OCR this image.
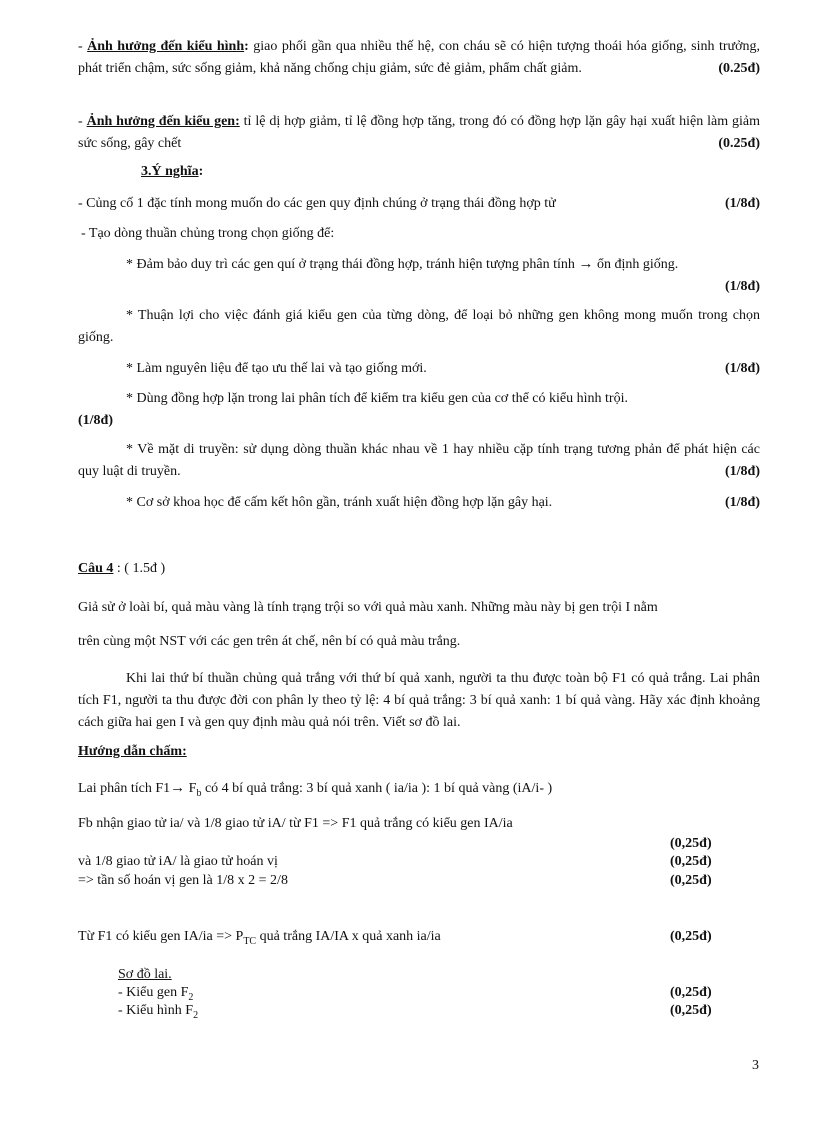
- Ảnh hưởng đến kiểu hình: giao phối gần qua nhiều thế hệ, con cháu sẽ có hiện tượng thoái hóa giống, sinh trưởng, phát triển chậm, sức sống giảm, khả năng chống chịu giảm, sức đẻ giảm, phẩm chất giảm.	(0.25đ)
- Ảnh hưởng đến kiểu gen: tỉ lệ dị hợp giảm, tỉ lệ đồng hợp tăng, trong đó có đồng hợp lặn gây hại xuất hiện làm giảm sức sống, gây chết	(0.25đ)
3.Ý nghĩa:
- Củng cố 1 đặc tính mong muốn do các gen quy định chúng ở trạng thái đồng hợp tử	(1/8đ)
- Tạo dòng thuần chủng trong chọn giống để:
* Đảm bảo duy trì các gen quí ở trạng thái đồng hợp, tránh hiện tượng phân tính → ổn định giống.
(1/8đ)
* Thuận lợi cho việc đánh giá kiểu gen của từng dòng, để loại bỏ những gen không mong muốn trong chọn giống.
* Làm nguyên liệu để tạo ưu thế lai và tạo giống mới.	(1/8đ)
* Dùng đồng hợp lặn trong lai phân tích để kiểm tra kiểu gen của cơ thể có kiểu hình trội.
(1/8đ)
* Về mặt di truyền: sử dụng dòng thuần khác nhau về 1 hay nhiều cặp tính trạng tương phản để phát hiện các quy luật di truyền.	(1/8đ)
* Cơ sở khoa học để cấm kết hôn gần, tránh xuất hiện đồng hợp lặn gây hại.	(1/8đ)
Câu 4 : ( 1.5đ )
Giả sử ở loài bí, quả màu vàng là tính trạng trội so với quả màu xanh. Những màu này bị gen trội I nằm
trên cùng một NST với các gen trên át chế, nên bí có quả màu trắng.
Khi lai thứ bí thuần chủng quả trắng với thứ bí quả xanh, người ta thu được toàn bộ F1 có quả trắng. Lai phân tích F1, người ta thu được đời con phân ly theo tỷ lệ: 4 bí quả trắng: 3 bí quả xanh: 1 bí quả vàng. Hãy xác định khoảng cách giữa hai gen I và gen quy định màu quả nói trên. Viết sơ đồ lai.
Hướng dẫn chấm:
Lai phân tích $F1\to F_b$ có 4 bí quả trắng: 3 bí quả xanh ( ia/ia ): 1 bí quả vàng (iA/i- )
Fb nhận giao tử ia/ và 1/8 giao tử iA/ từ F1 => F1 quả trắng có kiểu gen IA/ia
(0,25đ)
và 1/8 giao tử iA/ là giao tử hoán vị	(0,25đ)
=> tần số hoán vị gen là 1/8 x 2 = 2/8	(0,25đ)
Từ F1 có kiểu gen $IA/ia => P_{TC}$ quả trắng IA/IA x quả xanh ia/ia	(0,25đ)
Sơ đồ lai.
- Kiểu gen $F_2$	(0,25đ)
- Kiểu hình $F_2$	(0,25đ)
3
